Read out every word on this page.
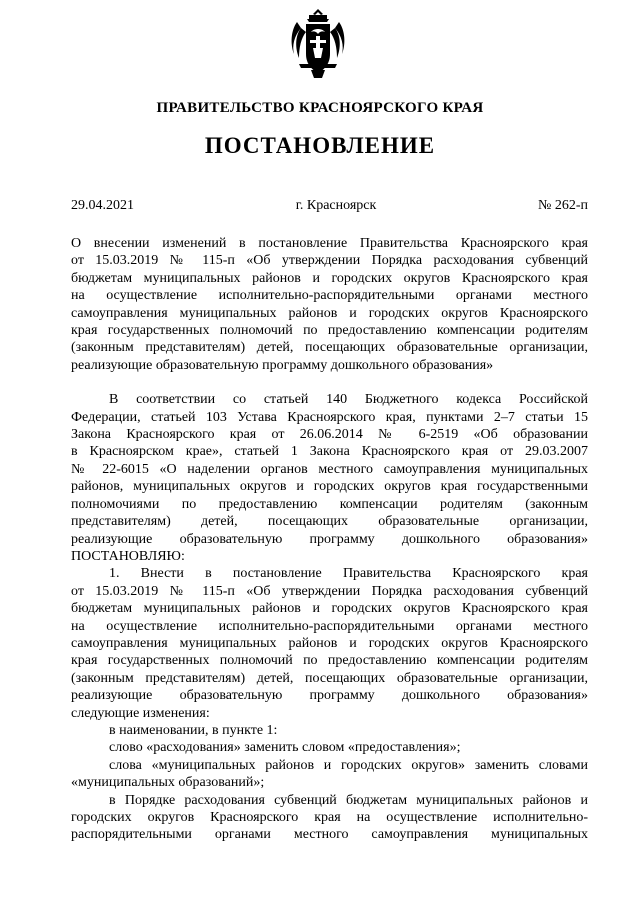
ПРАВИТЕЛЬСТВО КРАСНОЯРСКОГО КРАЯ
ПОСТАНОВЛЕНИЕ
29.04.2021	г. Красноярск	№ 262-п

О внесении изменений в постановление Правительства Красноярского края

от 15.03.2019 № 115-п «Об утверждении Порядка расходования субвенций

бюджетам муниципальных районов и городских округов Красноярского края

на осуществление исполнительно-распорядительными органами местного

самоуправления муниципальных районов и городских округов Красноярского

края государственных полномочий по предоставлению компенсации родителям

(законным представителям) детей, посещающих образовательные организации,

реализующие образовательную программу дошкольного образования»

В соответствии со статьей 140 Бюджетного кодекса Российской

Федерации, статьей 103 Устава Красноярского края, пунктами 2–7 статьи 15

Закона Красноярского края от 26.06.2014 № 6-2519 «Об образовании

в Красноярском крае», статьей 1 Закона Красноярского края от 29.03.2007

№ 22-6015 «О наделении органов местного самоуправления муниципальных

районов, муниципальных округов и городских округов края государственными

полномочиями по предоставлению компенсации родителям (законным

представителям) детей, посещающих образовательные организации,

реализующие образовательную программу дошкольного образования»

ПОСТАНОВЛЯЮ:

1. Внести в постановление Правительства Красноярского края

от 15.03.2019 № 115-п «Об утверждении Порядка расходования субвенций

бюджетам муниципальных районов и городских округов Красноярского края

на осуществление исполнительно-распорядительными органами местного

самоуправления муниципальных районов и городских округов Красноярского

края государственных полномочий по предоставлению компенсации родителям

(законным представителям) детей, посещающих образовательные организации,

реализующие образовательную программу дошкольного образования»

следующие изменения:

в наименовании, в пункте 1:

слово «расходования» заменить словом «предоставления»;

слова «муниципальных районов и городских округов» заменить словами

«муниципальных образований»;

в Порядке расходования субвенций бюджетам муниципальных районов и

городских округов Красноярского края на осуществление исполнительно-

распорядительными органами местного самоуправления муниципальных
